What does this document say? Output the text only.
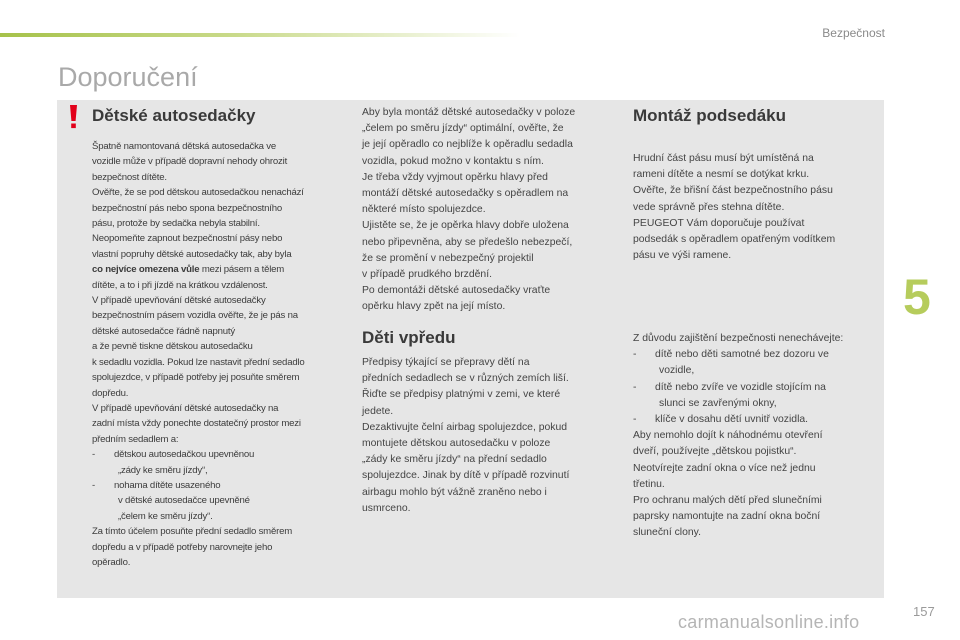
Bezpečnost
Doporučení
Dětské autosedačky
Špatně namontovaná dětská autosedačka ve
vozidle může v případě dopravní nehody ohrozit
bezpečnost dítěte.
Ověřte, že se pod dětskou autosedačkou nenachází
bezpečnostní pás nebo spona bezpečnostního
pásu, protože by sedačka nebyla stabilní.
Neopomeňte zapnout bezpečnostní pásy nebo
vlastní popruhy dětské autosedačky tak, aby byla
co nejvíce omezena vůle mezi pásem a tělem
dítěte, a to i při jízdě na krátkou vzdálenost.
V případě upevňování dětské autosedačky
bezpečnostním pásem vozidla ověřte, že je pás na
dětské autosedačce řádně napnutý
a že pevně tiskne dětskou autosedačku
k sedadlu vozidla. Pokud lze nastavit přední sedadlo
spolujezdce, v případě potřeby jej posuňte směrem
dopředu.
V případě upevňování dětské autosedačky na
zadní místa vždy ponechte dostatečný prostor mezi
předním sedadlem a:
-	dětskou autosedačkou upevněnou
„zády ke směru jízdy“,
-	nohama dítěte usazeného
v dětské autosedačce upevněné
„čelem ke směru jízdy“.
Za tímto účelem posuňte přední sedadlo směrem
dopředu a v případě potřeby narovnejte jeho
opěradlo.
Aby byla montáž dětské autosedačky v poloze
„čelem po směru jízdy“ optimální, ověřte, že
je její opěradlo co nejblíže k opěradlu sedadla
vozidla, pokud možno v kontaktu s ním.
Je třeba vždy vyjmout opěrku hlavy před
montáží dětské autosedačky s opěradlem na
některé místo spolujezdce.
Ujistěte se, že je opěrka hlavy dobře uložena
nebo připevněna, aby se předešlo nebezpečí,
že se promění v nebezpečný projektil
v případě prudkého brzdění.
Po demontáži dětské autosedačky vraťte
opěrku hlavy zpět na její místo.
Děti vpředu
Předpisy týkající se přepravy dětí na
předních sedadlech se v různých zemích liší.
Řiďte se předpisy platnými v zemi, ve které
jedete.
Dezaktivujte čelní airbag spolujezdce, pokud
montujete dětskou autosedačku v poloze
„zády ke směru jízdy“ na přední sedadlo
spolujezdce. Jinak by dítě v případě rozvinutí
airbagu mohlo být vážně zraněno nebo i
usmrceno.
Montáž podsedáku
Hrudní část pásu musí být umístěná na
rameni dítěte a nesmí se dotýkat krku.
Ověřte, že břišní část bezpečnostního pásu
vede správně přes stehna dítěte.
PEUGEOT Vám doporučuje používat
podsedák s opěradlem opatřeným vodítkem
pásu ve výši ramene.
Z důvodu zajištění bezpečnosti nenechávejte:
-	dítě nebo děti samotné bez dozoru ve
vozidle,
-	dítě nebo zvíře ve vozidle stojícím na
slunci se zavřenými okny,
-	klíče v dosahu dětí uvnitř vozidla.
Aby nemohlo dojít k náhodnému otevření
dveří, používejte „dětskou pojistku“.
Neotvírejte zadní okna o více než jednu
třetinu.
Pro ochranu malých dětí před slunečními
paprsky namontujte na zadní okna boční
sluneční clony.
5
carmanualsonline.info
157
